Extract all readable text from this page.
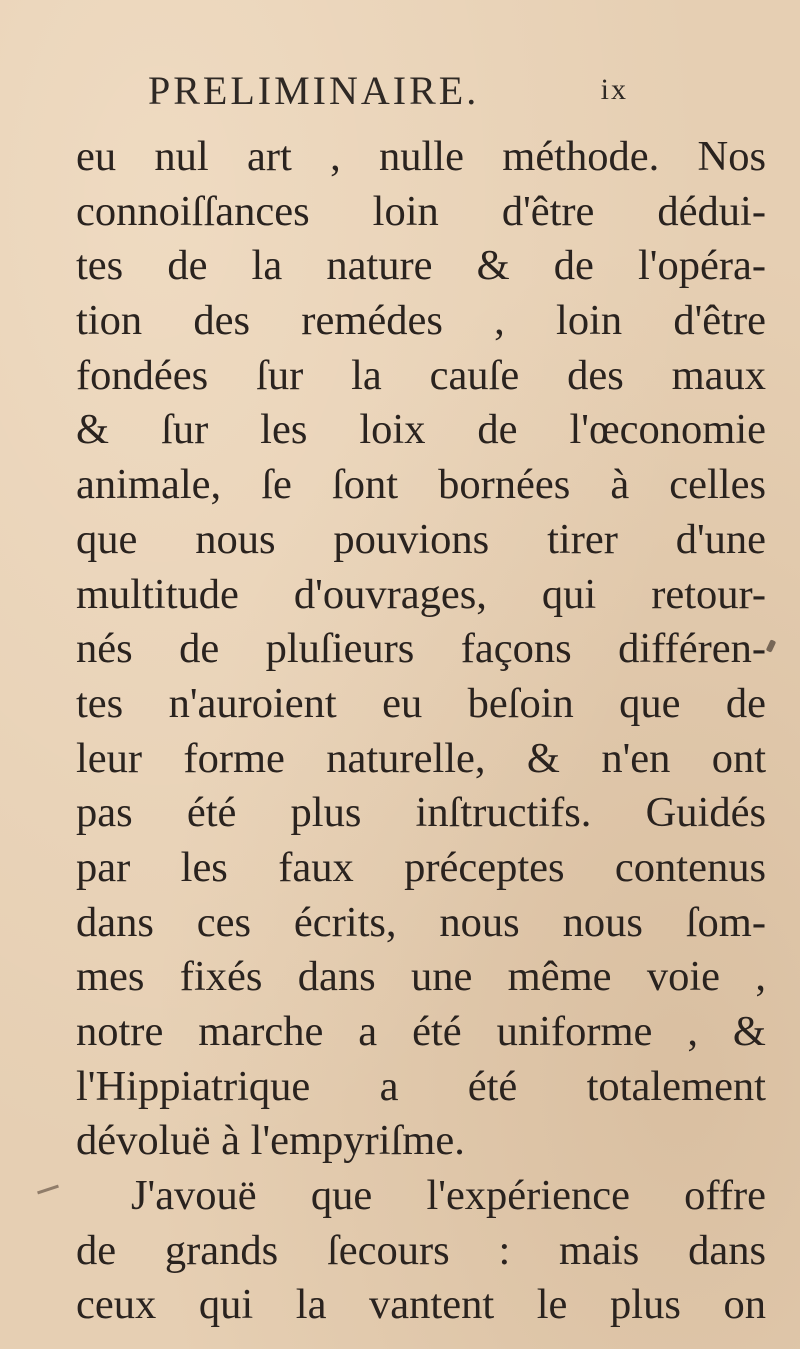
PRELIMINAIRE.	ix
eu nul art , nulle méthode. Nos
connoiſſances loin d'être dédui-
tes de la nature & de l'opéra-
tion des remédes , loin d'être
fondées ſur la cauſe des maux
& ſur les loix de l'œconomie
animale, ſe ſont bornées à celles
que nous pouvions tirer d'une
multitude d'ouvrages, qui retour-
nés de pluſieurs façons différen-
tes n'auroient eu beſoin que de
leur forme naturelle, & n'en ont
pas été plus inſtructifs. Guidés
par les faux préceptes contenus
dans ces écrits, nous nous ſom-
mes fixés dans une même voie ,
notre marche a été uniforme , &
l'Hippiatrique a été totalement
dévoluë à l'empyriſme.
J'avouë que l'expérience offre
de grands ſecours : mais dans
ceux qui la vantent le plus on
